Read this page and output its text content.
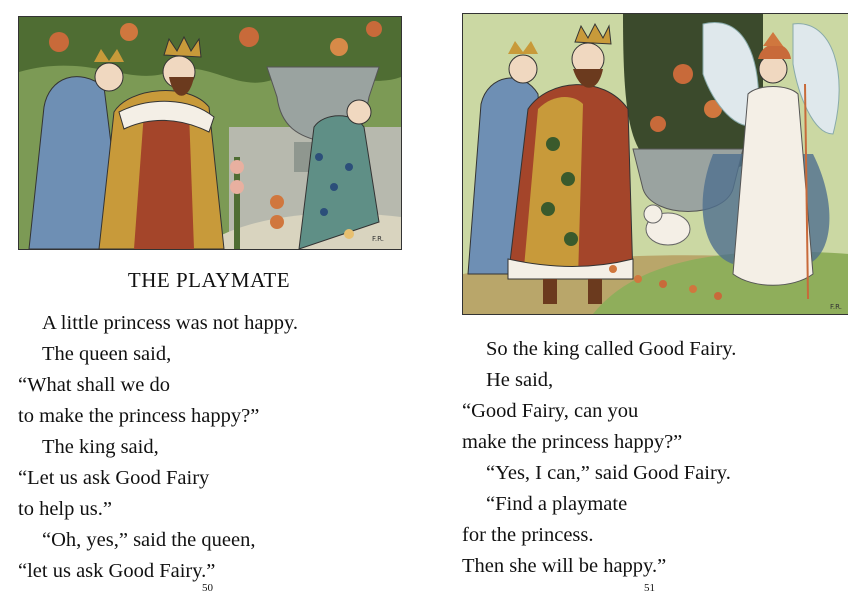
F.R.
THE PLAYMATE
A little princess was not happy.
The queen said,
“What shall we do
to make the princess happy?”
The king said,
“Let us ask Good Fairy
to help us.”
“Oh, yes,” said the queen,
“let us ask Good Fairy.”
50
F.R.
So the king called Good Fairy.
He said,
“Good Fairy, can you
make the princess happy?”
“Yes, I can,” said Good Fairy.
“Find a playmate
for the princess.
Then she will be happy.”
51
